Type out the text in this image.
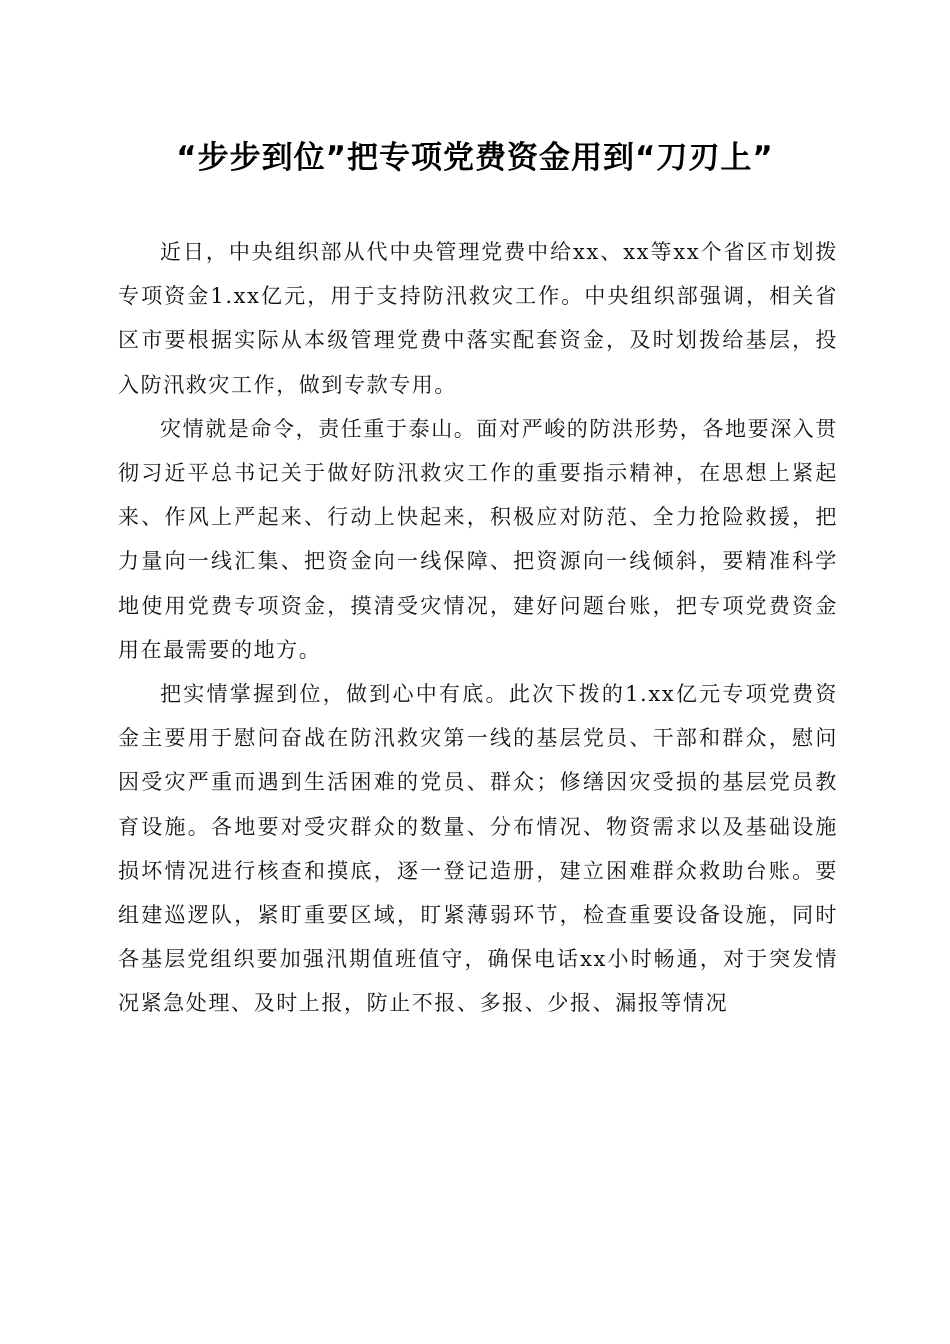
“步步到位”把专项党费资金用到“刀刃上”

近日，中央组织部从代中央管理党费中给xx、xx等xx个省区市划拨专项资金1.xx亿元，用于支持防汛救灾工作。中央组织部强调，相关省区市要根据实际从本级管理党费中落实配套资金，及时划拨给基层，投入防汛救灾工作，做到专款专用。

灾情就是命令，责任重于泰山。面对严峻的防洪形势，各地要深入贯彻习近平总书记关于做好防汛救灾工作的重要指示精神，在思想上紧起来、作风上严起来、行动上快起来，积极应对防范、全力抢险救援，把力量向一线汇集、把资金向一线保障、把资源向一线倾斜，要精准科学地使用党费专项资金，摸清受灾情况，建好问题台账，把专项党费资金用在最需要的地方。

把实情掌握到位，做到心中有底。此次下拨的1.xx亿元专项党费资金主要用于慰问奋战在防汛救灾第一线的基层党员、干部和群众，慰问因受灾严重而遇到生活困难的党员、群众；修缮因灾受损的基层党员教育设施。各地要对受灾群众的数量、分布情况、物资需求以及基础设施损坏情况进行核查和摸底，逐一登记造册，建立困难群众救助台账。要组建巡逻队，紧盯重要区域，盯紧薄弱环节，检查重要设备设施，同时各基层党组织要加强汛期值班值守，确保电话xx小时畅通，对于突发情况紧急处理、及时上报，防止不报、多报、少报、漏报等情况
